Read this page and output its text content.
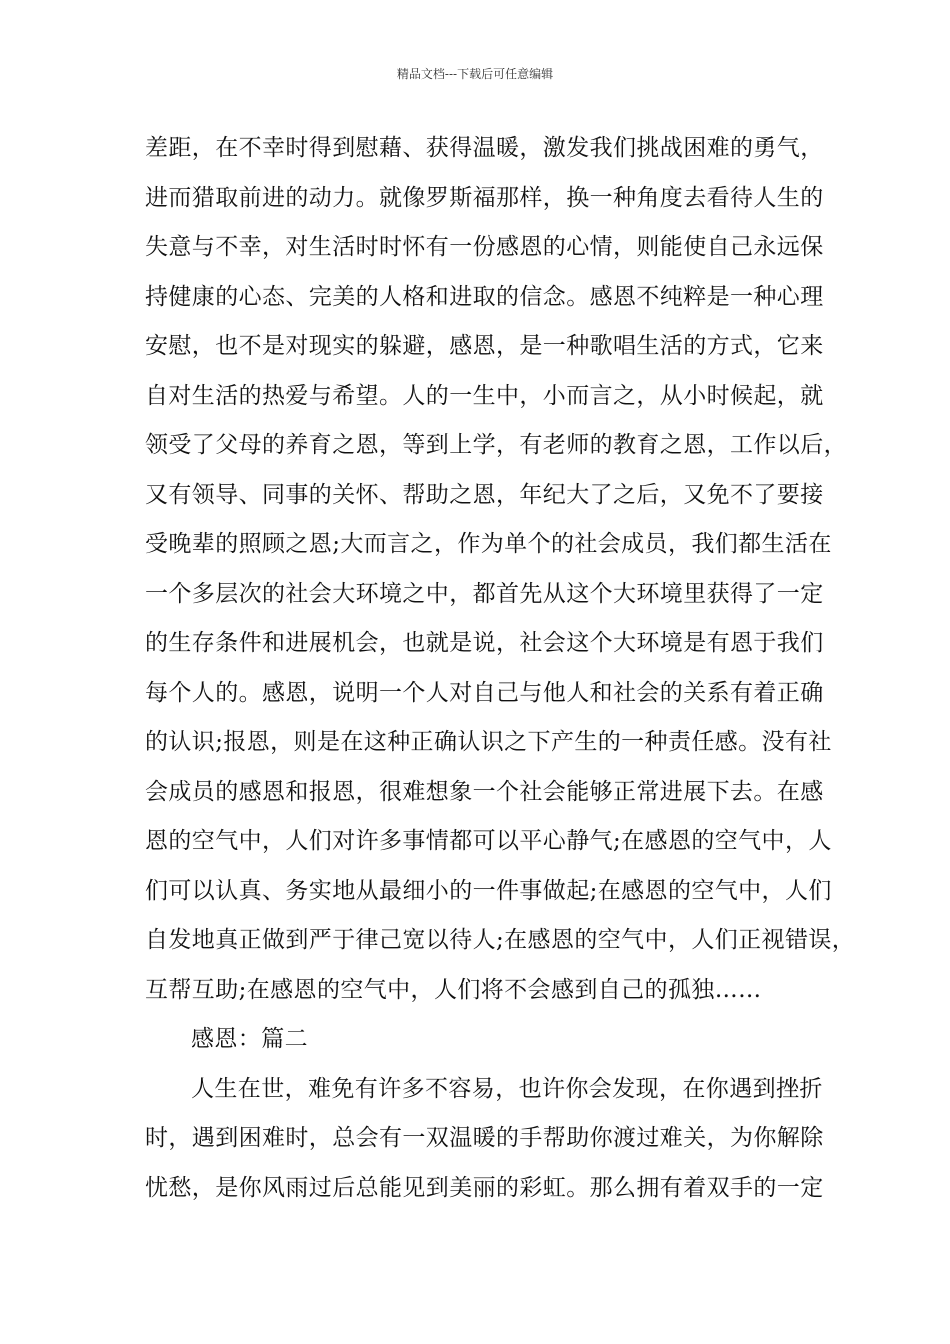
精品文档---下载后可任意编辑
差距，在不幸时得到慰藉、获得温暖，激发我们挑战困难的勇气，
进而猎取前进的动力。就像罗斯福那样，换一种角度去看待人生的
失意与不幸，对生活时时怀有一份感恩的心情，则能使自己永远保
持健康的心态、完美的人格和进取的信念。感恩不纯粹是一种心理
安慰，也不是对现实的躲避，感恩，是一种歌唱生活的方式，它来
自对生活的热爱与希望。人的一生中，小而言之，从小时候起，就
领受了父母的养育之恩，等到上学，有老师的教育之恩，工作以后，
又有领导、同事的关怀、帮助之恩，年纪大了之后，又免不了要接
受晚辈的照顾之恩;大而言之，作为单个的社会成员，我们都生活在
一个多层次的社会大环境之中，都首先从这个大环境里获得了一定
的生存条件和进展机会，也就是说，社会这个大环境是有恩于我们
每个人的。感恩，说明一个人对自己与他人和社会的关系有着正确
的认识;报恩，则是在这种正确认识之下产生的一种责任感。没有社
会成员的感恩和报恩，很难想象一个社会能够正常进展下去。在感
恩的空气中，人们对许多事情都可以平心静气;在感恩的空气中，人
们可以认真、务实地从最细小的一件事做起;在感恩的空气中，人们
自发地真正做到严于律己宽以待人;在感恩的空气中，人们正视错误，
互帮互助;在感恩的空气中，人们将不会感到自己的孤独……
感恩：篇二
人生在世，难免有许多不容易，也许你会发现，在你遇到挫折
时，遇到困难时，总会有一双温暖的手帮助你渡过难关，为你解除
忧愁，是你风雨过后总能见到美丽的彩虹。那么拥有着双手的一定
